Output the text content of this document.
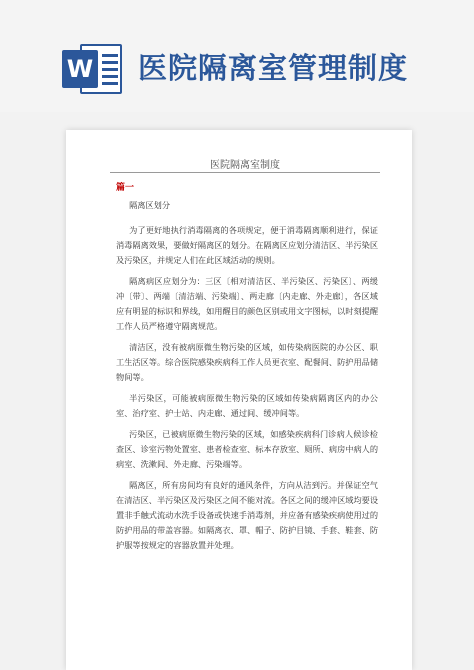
W 医院隔离室管理制度
医院隔离室制度
篇一

隔离区划分

为了更好地执行消毒隔离的各项规定，便于消毒隔离顺利进行，保证消毒隔离效果，要做好隔离区的划分。在隔离区应划分清洁区、半污染区及污染区，并规定人们在此区域活动的规则。

隔离病区应划分为：三区〔相对清洁区、半污染区、污染区〕、两缓冲〔带〕、两端〔清洁端、污染端〕、两走廊〔内走廊、外走廊〕，各区域应有明显的标识和界线，如用醒目的颜色区别或用文字图标，以时刻提醒工作人员严格遵守隔离规范。

清洁区，没有被病原微生物污染的区域，如传染病医院的办公区、职工生活区等。综合医院感染疾病科工作人员更衣室、配餐间、防护用品储物间等。

半污染区，可能被病原微生物污染的区域如传染病隔离区内的办公室、治疗室、护士站、内走廊、通过间、缓冲间等。

污染区，已被病原微生物污染的区域，如感染疾病科门诊病人候诊检查区、诊室污物处置室、患者检查室、标本存放室、厕所、病房中病人的病室、洗漱间、外走廊、污染端等。

隔离区，所有房间均有良好的通风条件，方向从洁到污。并保证空气在清洁区、半污染区及污染区之间不能对流。各区之间的缓冲区域均要设置非手触式流动水洗手设备或快速手消毒剂，并应备有感染疾病使用过的防护用品的带盖容器。如隔离衣、罩、帽子、防护目镜、手套、鞋套、防护服等按规定的容器放置并处理。
